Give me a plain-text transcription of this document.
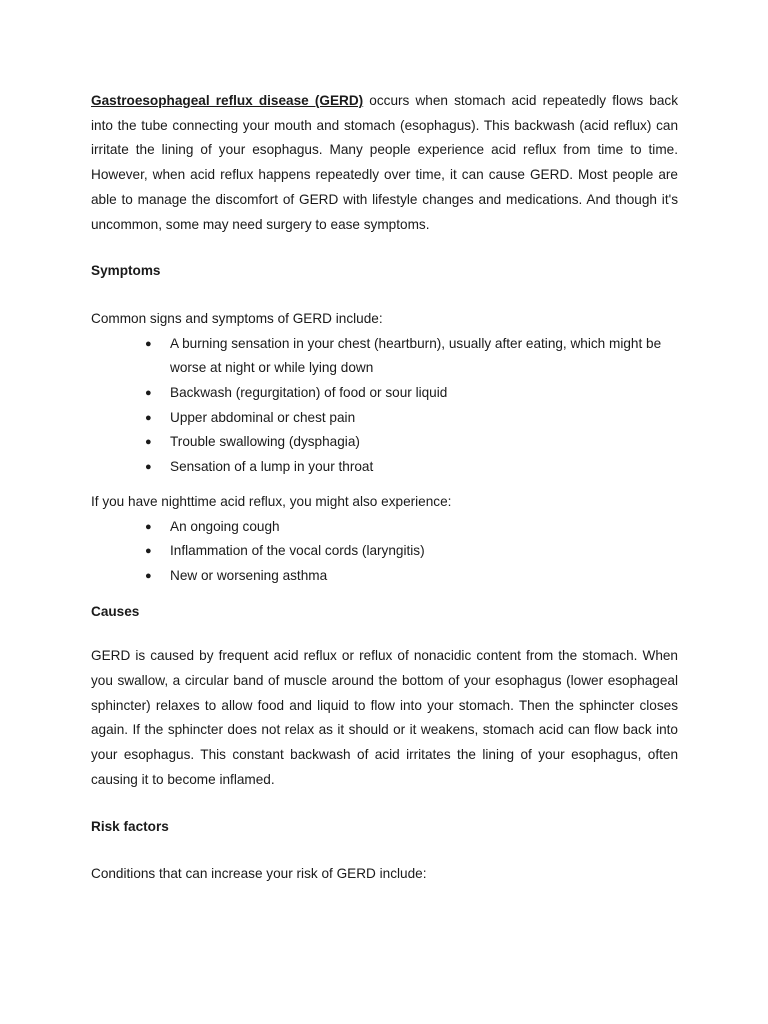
Gastroesophageal reflux disease (GERD) occurs when stomach acid repeatedly flows back into the tube connecting your mouth and stomach (esophagus). This backwash (acid reflux) can irritate the lining of your esophagus. Many people experience acid reflux from time to time. However, when acid reflux happens repeatedly over time, it can cause GERD. Most people are able to manage the discomfort of GERD with lifestyle changes and medications. And though it's uncommon, some may need surgery to ease symptoms.

Symptoms

Common signs and symptoms of GERD include:

● A burning sensation in your chest (heartburn), usually after eating, which might be worse at night or while lying down
● Backwash (regurgitation) of food or sour liquid
● Upper abdominal or chest pain
● Trouble swallowing (dysphagia)
● Sensation of a lump in your throat

If you have nighttime acid reflux, you might also experience:

● An ongoing cough
● Inflammation of the vocal cords (laryngitis)
● New or worsening asthma

Causes

GERD is caused by frequent acid reflux or reflux of nonacidic content from the stomach. When you swallow, a circular band of muscle around the bottom of your esophagus (lower esophageal sphincter) relaxes to allow food and liquid to flow into your stomach. Then the sphincter closes again. If the sphincter does not relax as it should or it weakens, stomach acid can flow back into your esophagus. This constant backwash of acid irritates the lining of your esophagus, often causing it to become inflamed.

Risk factors

Conditions that can increase your risk of GERD include:
